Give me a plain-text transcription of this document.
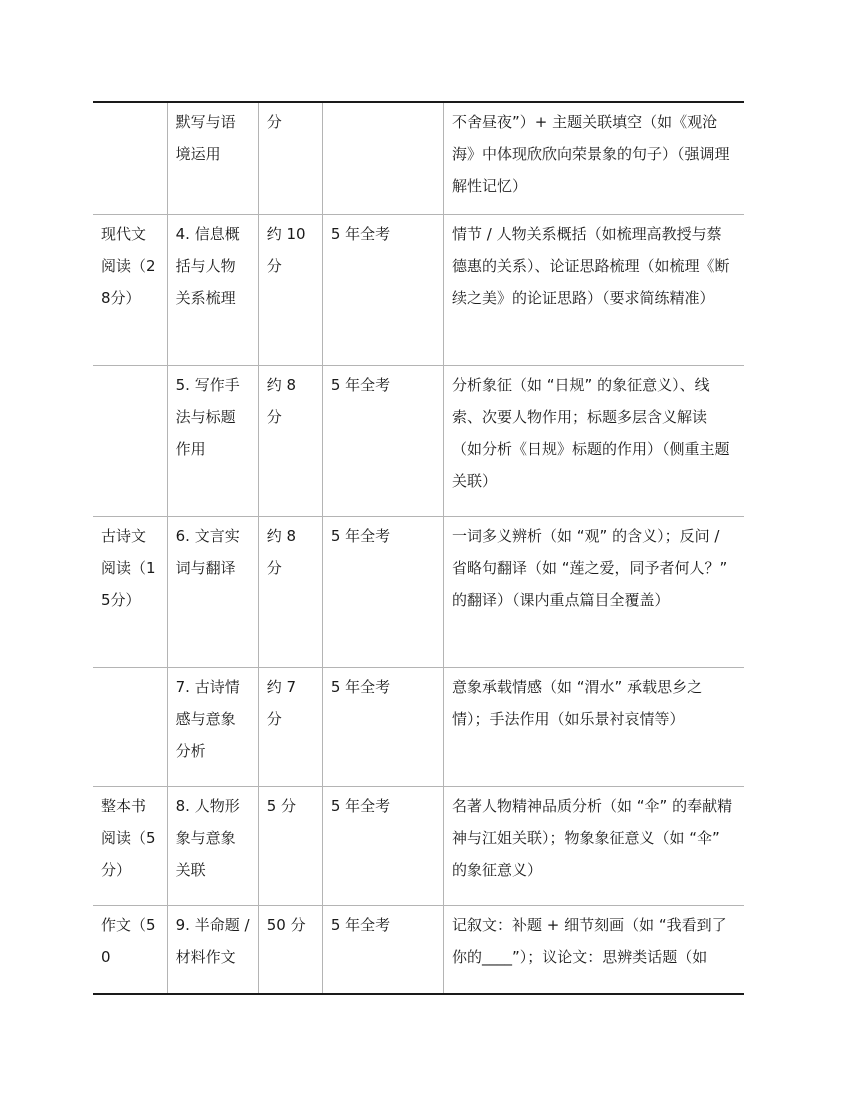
	默写与语境运用	分		不舍昼夜”）+ 主题关联填空（如《观沧海》中体现欣欣向荣景象的句子）（强调理解性记忆）
现代文阅读（28分）	4. 信息概括与人物关系梳理	约 10 分	5 年全考	情节 / 人物关系概括（如梳理高教授与蔡德惠的关系）、论证思路梳理（如梳理《断续之美》的论证思路）（要求简练精准）
	5. 写作手法与标题作用	约 8 分	5 年全考	分析象征（如 “日规” 的象征意义）、线索、次要人物作用；标题多层含义解读（如分析《日规》标题的作用）（侧重主题关联）
古诗文阅读（15分）	6. 文言实词与翻译	约 8 分	5 年全考	一词多义辨析（如 “观” 的含义）；反问 / 省略句翻译（如 “莲之爱，同予者何人？” 的翻译）（课内重点篇目全覆盖）
	7. 古诗情感与意象分析	约 7 分	5 年全考	意象承载情感（如 “渭水” 承载思乡之情）；手法作用（如乐景衬哀情等）
整本书阅读（5分）	8. 人物形象与意象关联	5 分	5 年全考	名著人物精神品质分析（如 “伞” 的奉献精神与江姐关联）；物象象征意义（如 “伞” 的象征意义）
作文（50	9. 半命题 / 材料作文	50 分	5 年全考	记叙文：补题 + 细节刻画（如 “我看到了你的____”）；议论文：思辨类话题（如
